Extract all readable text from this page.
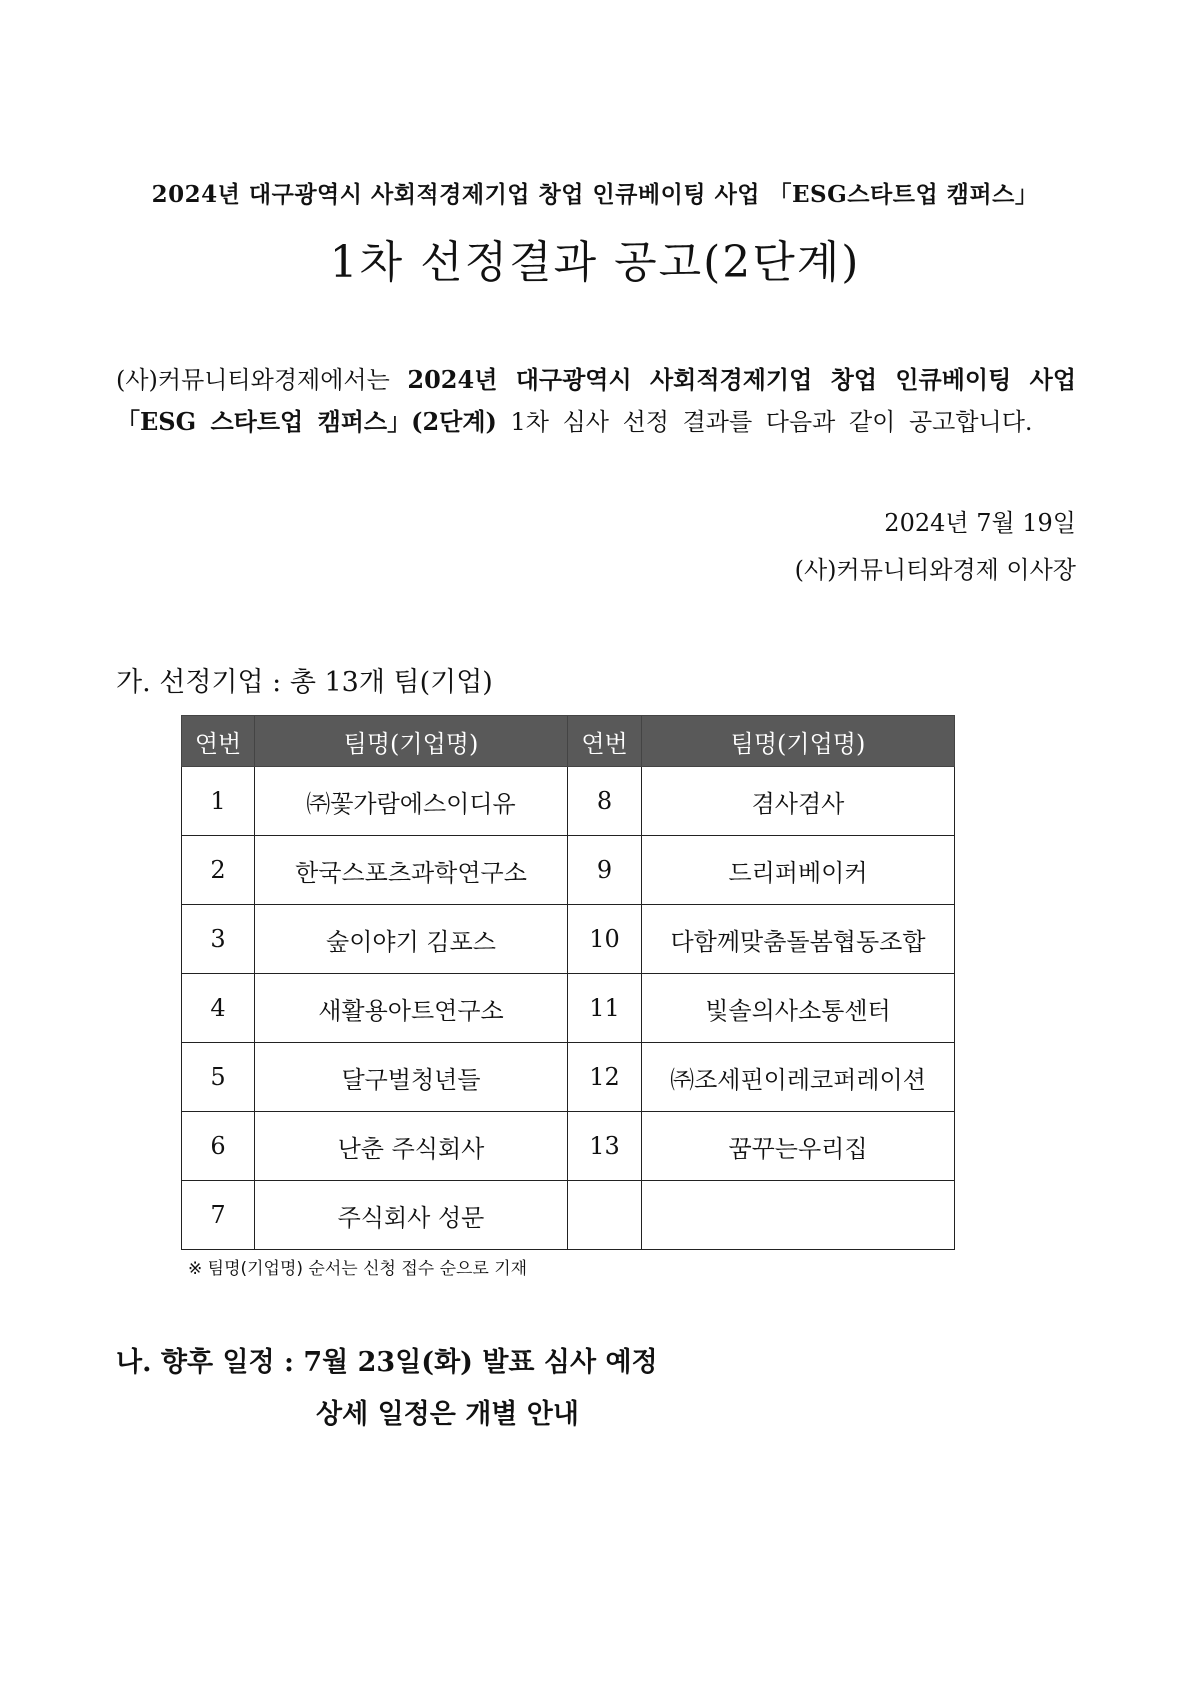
2024년 대구광역시 사회적경제기업 창업 인큐베이팅 사업 「ESG스타트업 캠퍼스」
1차 선정결과 공고(2단계)

(사)커뮤니티와경제에서는 2024년 대구광역시 사회적경제기업 창업 인큐베이팅 사업 「ESG 스타트업 캠퍼스」(2단계) 1차 심사 선정 결과를 다음과 같이 공고합니다.

2024년 7월 19일
(사)커뮤니티와경제 이사장
가. 선정기업 : 총 13개 팀(기업)
연번	팀명(기업명)	연번	팀명(기업명)
1	㈜꽃가람에스이디유	8	겸사겸사
2	한국스포츠과학연구소	9	드리퍼베이커
3	숲이야기 김포스	10	다함께맞춤돌봄협동조합
4	새활용아트연구소	11	빛솔의사소통센터
5	달구벌청년들	12	㈜조세핀이레코퍼레이션
6	난춘 주식회사	13	꿈꾸는우리집
7	주식회사 성문		
※ 팀명(기업명) 순서는 신청 접수 순으로 기재
나. 향후 일정 : 7월 23일(화) 발표 심사 예정
상세 일정은 개별 안내
